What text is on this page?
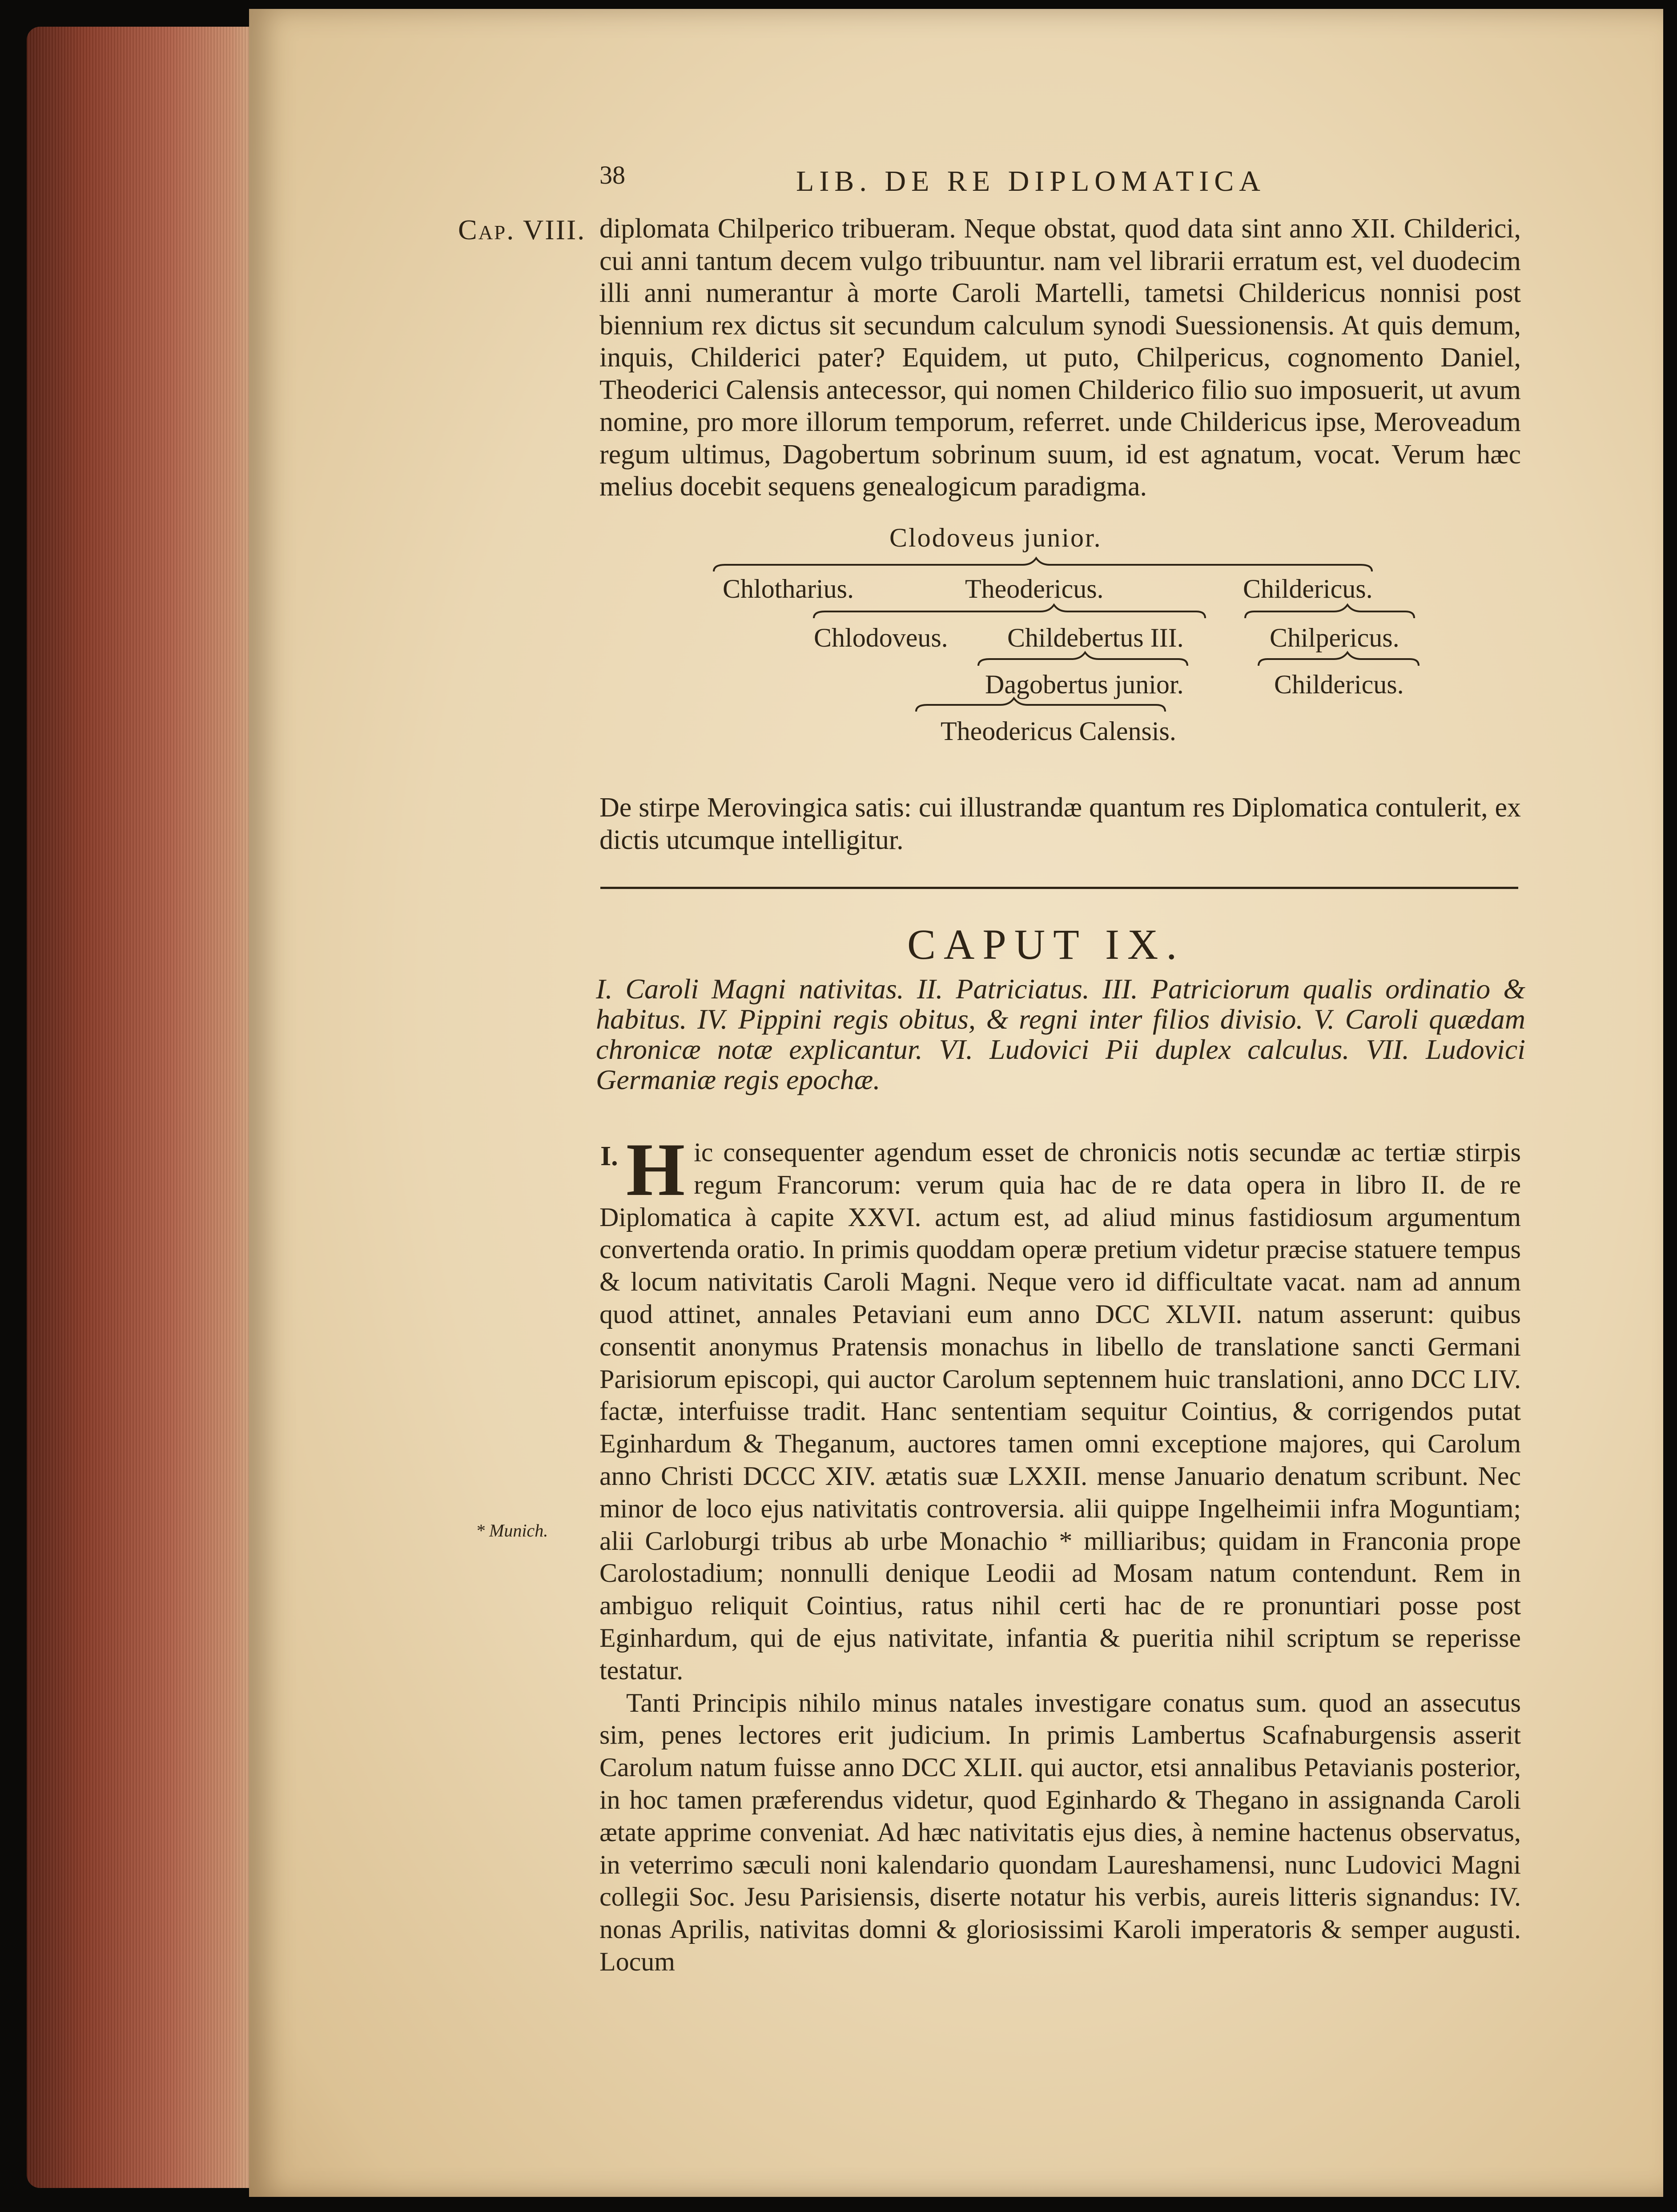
38	LIB. DE RE DIPLOMATICA
Cap. VIII. diplomata Chilperico tribueram. Neque obstat, quod data sint anno XII. Childerici, cui anni tantum decem vulgo tribuuntur. nam vel librarii erratum est, vel duodecim illi anni numerantur à morte Caroli Martelli, tametsi Childericus nonnisi post biennium rex dictus sit secundum calculum synodi Suessionensis. At quis demum, inquis, Childerici pater? Equidem, ut puto, Chilpericus, cognomento Daniel, Theoderici Calensis antecessor, qui nomen Childerico filio suo imposuerit, ut avum nomine, pro more illorum temporum, referret. unde Childericus ipse, Meroveadum regum ultimus, Dagobertum sobrinum suum, id est agnatum, vocat. Verum hæc melius docebit sequens genealogicum paradigma.
Clodoveus junior.
Chlotharius.	Theodericus.	Childericus.
Chlodoveus. Childebertus III.	Chilpericus.
Dagobertus junior.	Childericus.
Theodericus Calensis.
De stirpe Merovingica satis: cui illustrandæ quantum res Diplomatica contulerit, ex dictis utcumque intelligitur.
CAPUT IX.
I. Caroli Magni nativitas. II. Patriciatus. III. Patriciorum qualis ordinatio & habitus. IV. Pippini regis obitus, & regni inter filios divisio. V. Caroli quædam chronicæ notæ explicantur. VI. Ludovici Pii duplex calculus. VII. Ludovici Germaniæ regis epochæ.
* Munich.
I. Hic consequenter agendum esset de chronicis notis secundæ ac tertiæ stirpis regum Francorum: verum quia hac de re data opera in libro II. de re Diplomatica à capite XXVI. actum est, ad aliud minus fastidiosum argumentum convertenda oratio. In primis quoddam operæ pretium videtur præcise statuere tempus & locum nativitatis Caroli Magni. Neque vero id difficultate vacat. nam ad annum quod attinet, annales Petaviani eum anno DCC XLVII. natum asserunt: quibus consentit anonymus Pratensis monachus in libello de translatione sancti Germani Parisiorum episcopi, qui auctor Carolum septennem huic translationi, anno DCC LIV. factæ, interfuisse tradit. Hanc sententiam sequitur Cointius, & corrigendos putat Eginhardum & Theganum, auctores tamen omni exceptione majores, qui Carolum anno Christi DCCC XIV. ætatis suæ LXXII. mense Januario denatum scribunt. Nec minor de loco ejus nativitatis controversia. alii quippe Ingelheimii infra Moguntiam; alii Carloburgi tribus ab urbe Monachio * milliaribus; quidam in Franconia prope Carolostadium; nonnulli denique Leodii ad Mosam natum contendunt. Rem in ambiguo reliquit Cointius, ratus nihil certi hac de re pronuntiari posse post Eginhardum, qui de ejus nativitate, infantia & pueritia nihil scriptum se reperisse testatur.

Tanti Principis nihilo minus natales investigare conatus sum. quod an assecutus sim, penes lectores erit judicium. In primis Lambertus Scafnaburgensis asserit Carolum natum fuisse anno DCC XLII. qui auctor, etsi annalibus Petavianis posterior, in hoc tamen præferendus videtur, quod Eginhardo & Thegano in assignanda Caroli ætate apprime conveniat. Ad hæc nativitatis ejus dies, à nemine hactenus observatus, in veterrimo sæculi noni kalendario quondam Laureshamensi, nunc Ludovici Magni collegii Soc. Jesu Parisiensis, diserte notatur his verbis, aureis litteris signandus: IV. nonas Aprilis, nativitas domni & gloriosissimi Karoli imperatoris & semper augusti. Locum
